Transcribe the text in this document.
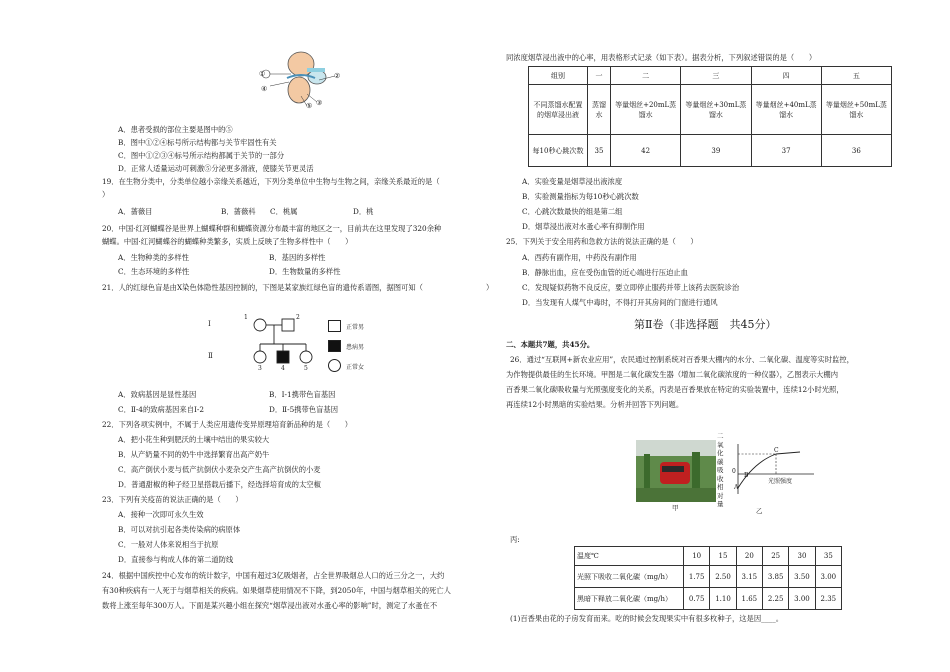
①
④
②
③
⑤
A．患者受损的部位主要是图中的⑤
B．图中①②④标号所示结构都与关节牢固性有关
C．图中①②③④标号所示结构都属于关节的一部分
D．正常人适量运动可刺激⑤分泌更多滑液，使膝关节更灵活
19．在生物分类中，分类单位越小亲缘关系越近，下列分类单位中生物与生物之间，亲缘关系最近的是（
）
A．蔷薇目	B．蔷薇科 C．桃属	D．桃
20．中国·红河蝴蝶谷是世界上蝴蝶种群和蝴蝶资源分布最丰富的地区之一，目前共在这里发现了320余种
蝴蝶。中国·红河蝴蝶谷的蝴蝶种类繁多，实质上反映了生物多样性中（　　）
A．生物种类的多样性	B．基因的多样性
C．生态环境的多样性	D．生物数量的多样性
21．人的红绿色盲是由X染色体隐性基因控制的，下图是某家族红绿色盲的遗传系谱图，据图可知（	）
I
Ⅱ
1	2
3	4	5
正常男
患病男
正常女
A．致病基因是显性基因	B．Ⅰ-1携带色盲基因
C．Ⅱ-4的致病基因来自Ⅰ-2	D．Ⅱ-5携带色盲基因
22．下列各项实例中，不属于人类应用遗传变异原理培育新品种的是（　　）
A．把小花生种到肥沃的土壤中结出的果实较大
B．从产奶量不同的奶牛中选择繁育出高产奶牛
C．高产倒伏小麦与低产抗倒伏小麦杂交产生高产抗倒伏的小麦
D．普通甜椒的种子经卫星搭载后播下，经选择培育成的太空椒
23．下列有关疫苗的说法正确的是（　　）
A．接种一次即可永久生效
B．可以对抗引起各类传染病的病原体
C．一般对人体来说相当于抗原
D．直接参与构成人体的第二道防线
24．根据中国疾控中心发布的统计数字，中国有超过3亿吸烟者，占全世界吸烟总人口的近三分之一，大约
有30种疾病有一人死于与烟草相关的疾病。如果烟草使用情况不下降，到2050年，中国与烟草相关的死亡人
数将上涨至每年300万人。下面是某兴趣小组在探究“烟草浸出液对水蚤心率的影响”时，测定了水蚤在不
同浓度烟草浸出液中的心率，用表格形式记录（如下表）。据表分析，下列叙述错误的是（　　）
组别	一	二	三	四	五
不同蒸馏水配置的烟草浸出液	蒸馏水	等量烟丝+20mL蒸馏水	等量烟丝+30mL蒸馏水	等量烟丝+40mL蒸馏水	等量烟丝+50mL蒸馏水
每10秒心跳次数	35	42	39	37	36
A．实验变量是烟草浸出液浓度
B．实验测量指标为每10秒心跳次数
C．心跳次数最快的组是第二组
D．烟草浸出液对水蚤心率有抑制作用
25．下列关于安全用药和急救方法的说法正确的是（　　）
A．西药有副作用，中药没有副作用
B．静脉出血，应在受伤血管的近心端进行压迫止血
C．发现疑似药物不良反应，要立即停止服药并带上该药去医院诊治
D．当发现有人煤气中毒时，不得打开其房间的门窗进行通风
第Ⅱ卷（非选择题　共45分）
二、本题共7题，共45分。
26．通过“互联网+新农业应用”，农民通过控制系统对百香果大棚内的水分、二氧化碳、温度等实时监控，
为作物提供最佳的生长环境。甲图是二氧化碳发生器（增加二氧化碳浓度的一种仪器），乙图表示大棚内
百香果二氧化碳吸收量与光照强度变化的关系，丙表是百香果放在特定的实验装置中，连续12小时光照，
再连续12小时黑暗的实验结果。分析并回答下列问题。
甲
二氧化碳吸收相对量
B
A
C
0
光照强度
乙
丙:
温度℃	10	15	20	25	30	35
光照下吸收二氧化碳（mg/h）	1.75	2.50	3.15	3.85	3.50	3.00
黑暗下释放二氧化碳（mg/h）	0.75	1.10	1.65	2.25	3.00	2.35
(1)百香果由花的子房发育而来。吃的时候会发现果实中有很多枚种子，这是因____。
